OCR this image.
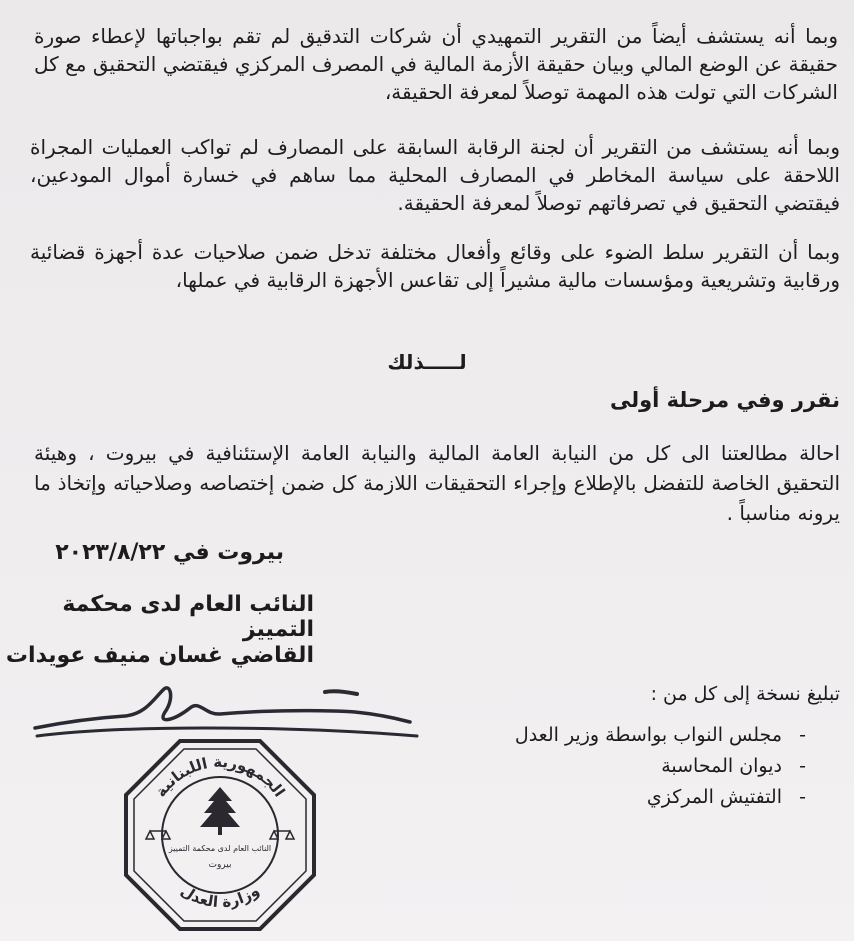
وبما أنه يستشف أيضاً من التقرير التمهيدي أن شركات التدقيق لم تقم بواجباتها لإعطاء صورة حقيقة عن الوضع المالي وبيان حقيقة الأزمة المالية في المصرف المركزي فيقتضي التحقيق مع كل الشركات التي تولت هذه المهمة توصلاً لمعرفة الحقيقة،

وبما أنه يستشف من التقرير أن لجنة الرقابة السابقة على المصارف لم تواكب العمليات المجراة اللاحقة على سياسة المخاطر في المصارف المحلية مما ساهم في خسارة أموال المودعين، فيقتضي التحقيق في تصرفاتهم توصلاً لمعرفة الحقيقة.

وبما أن التقرير سلط الضوء على وقائع وأفعال مختلفة تدخل ضمن صلاحيات عدة أجهزة قضائية ورقابية وتشريعية ومؤسسات مالية مشيراً إلى تقاعس الأجهزة الرقابية في عملها،

لـــــذلك
نقرر وفي مرحلة أولى

احالة مطالعتنا الى كل من النيابة العامة المالية والنيابة العامة الإستئنافية في بيروت ، وهيئة التحقيق الخاصة للتفضل بالإطلاع وإجراء التحقيقات اللازمة كل ضمن إختصاصه وصلاحياته وإتخاذ ما يرونه مناسباً .

بيروت في ٢٠٢٣/٨/٢٢
النائب العام لدى محكمة التمييز
القاضي غسان منيف عويدات
تبليغ نسخة إلى كل من :
-مجلس النواب بواسطة وزير العدل
-ديوان المحاسبة
-التفتيش المركزي
الجمهورية اللبنانية
وزارة العدل
النائب العام لدى محكمة التمييز
بيروت
